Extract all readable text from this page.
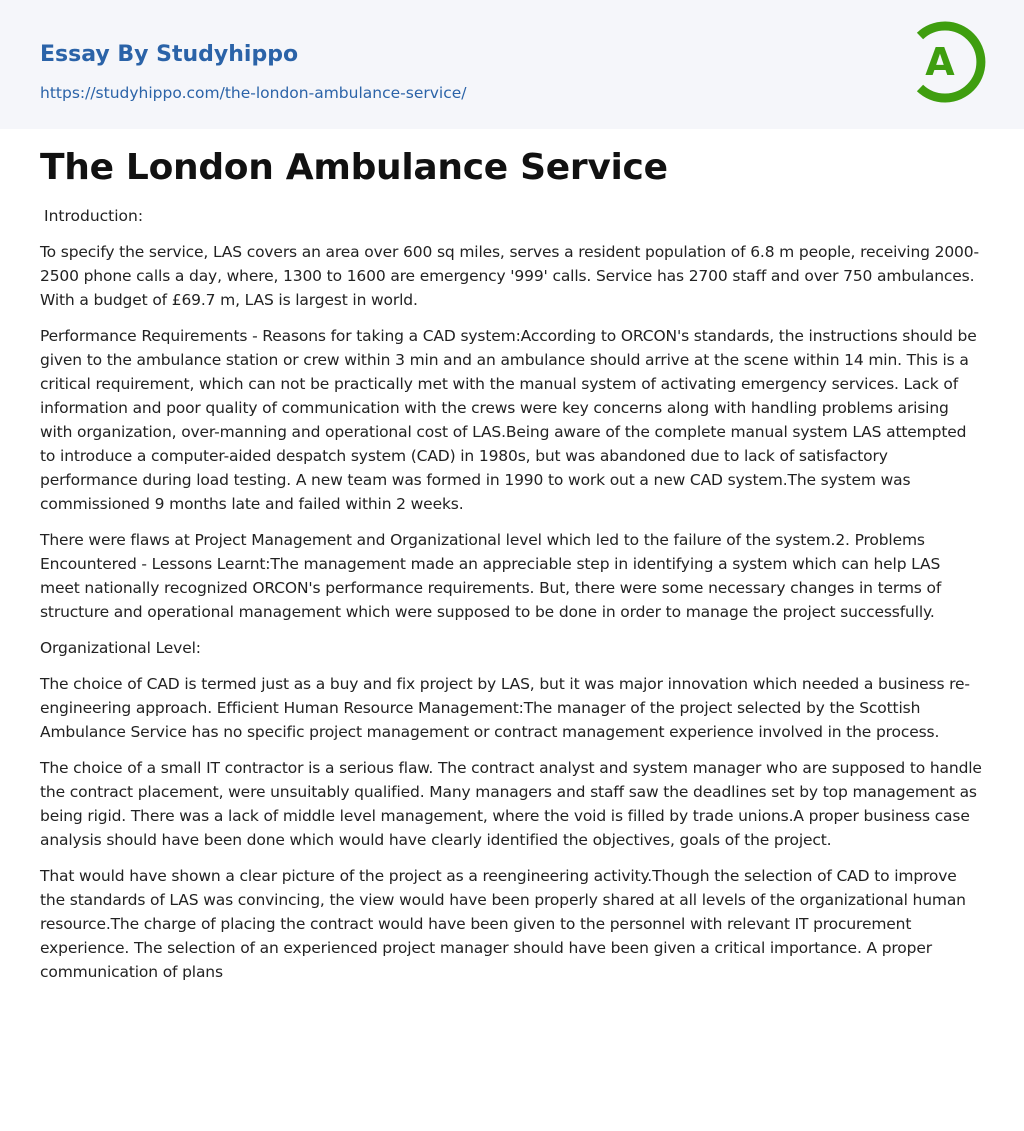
Essay By Studyhippo
https://studyhippo.com/the-london-ambulance-service/
A
The London Ambulance Service
Introduction:

To specify the service, LAS covers an area over 600 sq miles, serves a resident population of 6.8 m people, receiving 2000-2500 phone calls a day, where, 1300 to 1600 are emergency '999' calls. Service has 2700 staff and over 750 ambulances. With a budget of £69.7 m, LAS is largest in world.

Performance Requirements - Reasons for taking a CAD system:According to ORCON's standards, the instructions should be given to the ambulance station or crew within 3 min and an ambulance should arrive at the scene within 14 min. This is a critical requirement, which can not be practically met with the manual system of activating emergency services. Lack of information and poor quality of communication with the crews were key concerns along with handling problems arising with organization, over-manning and operational cost of LAS.Being aware of the complete manual system LAS attempted to introduce a computer-aided despatch system (CAD) in 1980s, but was abandoned due to lack of satisfactory performance during load testing. A new team was formed in 1990 to work out a new CAD system.The system was commissioned 9 months late and failed within 2 weeks.

There were flaws at Project Management and Organizational level which led to the failure of the system.2. Problems Encountered - Lessons Learnt:The management made an appreciable step in identifying a system which can help LAS meet nationally recognized ORCON's performance requirements. But, there were some necessary changes in terms of structure and operational management which were supposed to be done in order to manage the project successfully.

Organizational Level:

The choice of CAD is termed just as a buy and fix project by LAS, but it was major innovation which needed a business re-engineering approach. Efficient Human Resource Management:The manager of the project selected by the Scottish Ambulance Service has no specific project management or contract management experience involved in the process.

The choice of a small IT contractor is a serious flaw. The contract analyst and system manager who are supposed to handle the contract placement, were unsuitably qualified. Many managers and staff saw the deadlines set by top management as being rigid. There was a lack of middle level management, where the void is filled by trade unions.A proper business case analysis should have been done which would have clearly identified the objectives, goals of the project.

That would have shown a clear picture of the project as a reengineering activity.Though the selection of CAD to improve the standards of LAS was convincing, the view would have been properly shared at all levels of the organizational human resource.The charge of placing the contract would have been given to the personnel with relevant IT procurement experience. The selection of an experienced project manager should have been given a critical importance. A proper communication of plans
